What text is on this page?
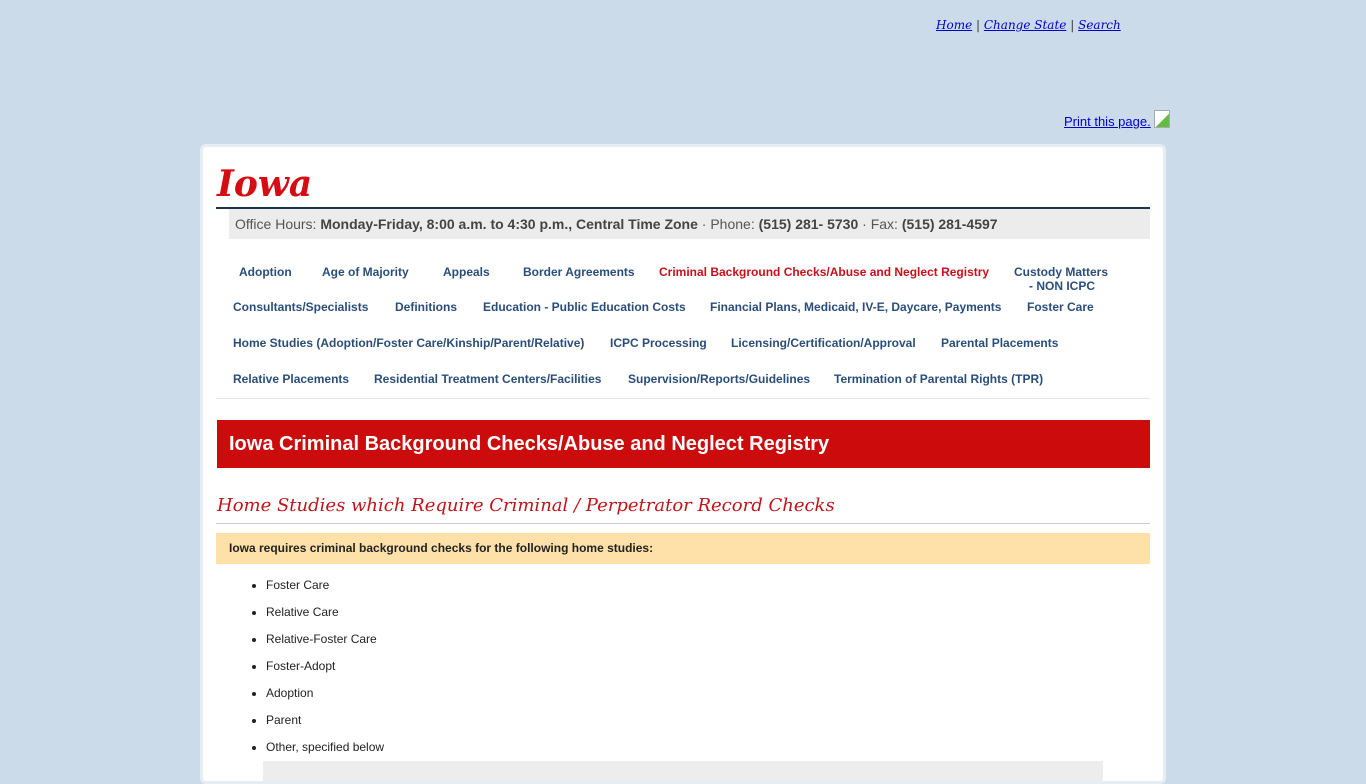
Home | Change State | Search
Print this page.
Iowa
Office Hours: Monday-Friday, 8:00 a.m. to 4:30 p.m., Central Time Zone · Phone: (515) 281- 5730 · Fax: (515) 281-4597
Adoption	Age of Majority	Appeals	Border Agreements Criminal Background Checks/Abuse and Neglect Registry Custody Matters
- NON ICPC
Consultants/Specialists Definitions Education - Public Education Costs Financial Plans, Medicaid, IV-E, Daycare, Payments Foster Care
Home Studies (Adoption/Foster Care/Kinship/Parent/Relative) ICPC Processing Licensing/Certification/Approval Parental Placements
Relative Placements Residential Treatment Centers/Facilities Supervision/Reports/Guidelines Termination of Parental Rights (TPR)
Iowa Criminal Background Checks/Abuse and Neglect Registry
Home Studies which Require Criminal / Perpetrator Record Checks
Iowa requires criminal background checks for the following home studies:
• Foster Care
• Relative Care
• Relative-Foster Care
• Foster-Adopt
• Adoption
• Parent
• Other, specified below
